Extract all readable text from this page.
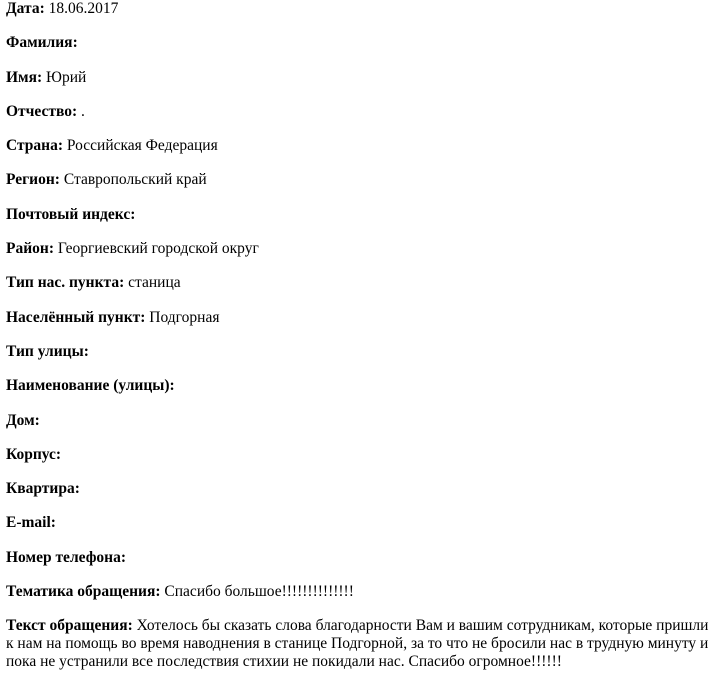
Дата: 18.06.2017

Фамилия:

Имя: Юрий

Отчество: .

Страна: Российская Федерация

Регион: Ставропольский край

Почтовый индекс:

Район: Георгиевский городской округ

Тип нас. пункта: станица

Населённый пункт: Подгорная

Тип улицы:

Наименование (улицы):

Дом:

Корпус:

Квартира:

E-mail:

Номер телефона:

Тематика обращения: Спасибо большое!!!!!!!!!!!!!!

Текст обращения: Хотелось бы сказать слова благодарности Вам и вашим сотрудникам, которые пришли к нам на помощь во время наводнения в станице Подгорной, за то что не бросили нас в трудную минуту и пока не устранили все последствия стихии не покидали нас. Спасибо огромное!!!!!!
